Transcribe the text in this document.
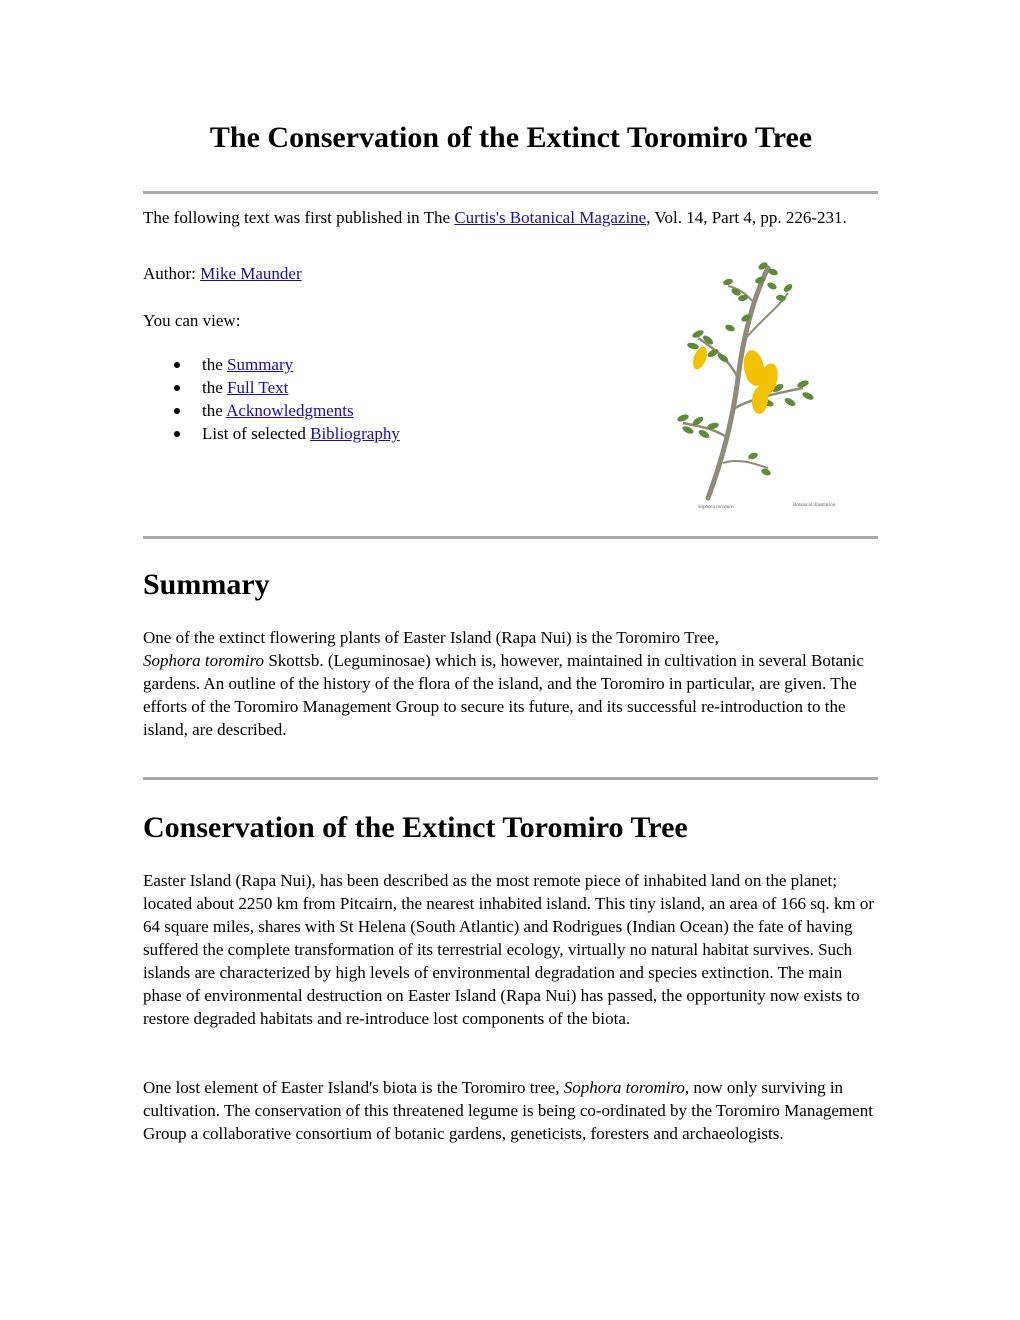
The Conservation of the Extinct Toromiro Tree

The following text was first published in The Curtis's Botanical Magazine, Vol. 14, Part 4, pp. 226-231.

Author: Mike Maunder

You can view:

the Summary
the Full Text
the Acknowledgments
List of selected Bibliography
Sophora toromiro	Botanical illustration
Summary

One of the extinct flowering plants of Easter Island (Rapa Nui) is the Toromiro Tree,
Sophora toromiro Skottsb. (Leguminosae) which is, however, maintained in cultivation in several Botanic gardens. An outline of the history of the flora of the island, and the Toromiro in particular, are given. The efforts of the Toromiro Management Group to secure its future, and its successful re-introduction to the island, are described.

Conservation of the Extinct Toromiro Tree

Easter Island (Rapa Nui), has been described as the most remote piece of inhabited land on the planet; located about 2250 km from Pitcairn, the nearest inhabited island. This tiny island, an area of 166 sq. km or 64 square miles, shares with St Helena (South Atlantic) and Rodrigues (Indian Ocean) the fate of having suffered the complete transformation of its terrestrial ecology, virtually no natural habitat survives. Such islands are characterized by high levels of environmental degradation and species extinction. The main phase of environmental destruction on Easter Island (Rapa Nui) has passed, the opportunity now exists to restore degraded habitats and re-introduce lost components of the biota.

One lost element of Easter Island's biota is the Toromiro tree, Sophora toromiro, now only surviving in cultivation. The conservation of this threatened legume is being co-ordinated by the Toromiro Management Group a collaborative consortium of botanic gardens, geneticists, foresters and archaeologists.
